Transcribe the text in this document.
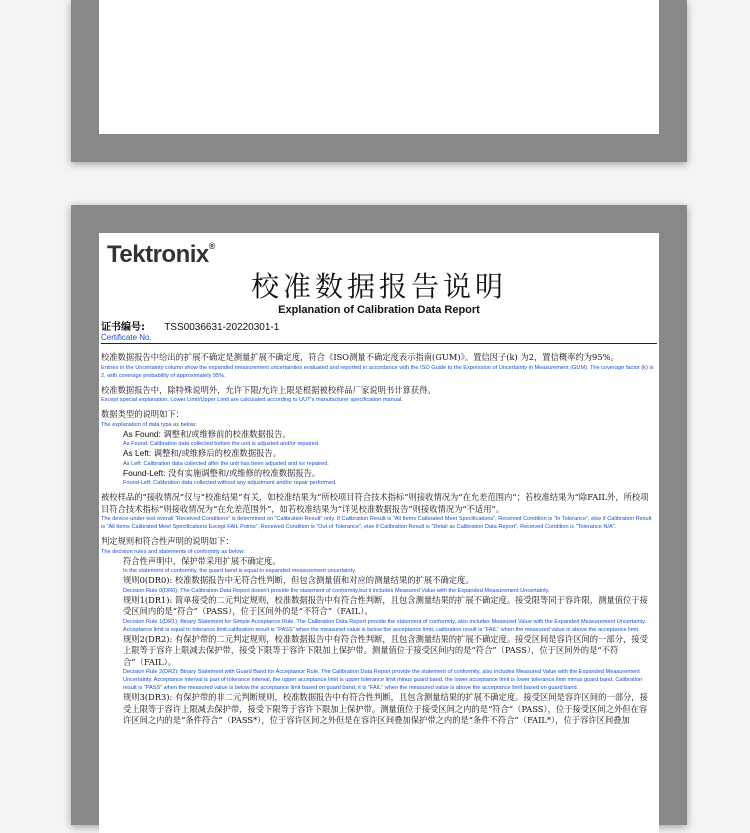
Tektronix®
校准数据报告说明
Explanation of Calibration Data Report
证书编号: TSS0036631-20220301-1
Certificate No.
校准数据报告中给出的扩展不确定是测量扩展不确定度，符合《ISO测量不确定度表示指南(GUM)》。置信因子(k) 为2，置信概率约为95%。
Entries in the Uncertainty column show the expanded measurement uncertainties evaluated and reported in accordance with the ISO Guide to the Expression of Uncertainty in Measurement (GUM). The coverage factor (k) is 2, with coverage probability of approximately 95%.
校准数据报告中，除特殊说明外，允许下限/允许上限是根据被校样品厂家说明书计算获得。
Except special explanation, Lower Limit/Upper Limit are calculated according to UUT's manufacturer specification manual.
数据类型的说明如下：
The explanation of data type as below:
As Found: 调整和/或维修前的校准数据报告。
As Found: Calibration data collected before the unit is adjusted and/or repaired.
As Left: 调整和/或维修后的校准数据报告。
As Left: Calibration data collected after the unit has been adjusted and /or repaired.
Found-Left: 没有实施调整和/或维修的校准数据报告。
Found-Left: Calibration data collected without any adjustment and/or repair performed.
被校样品的“接收情况”仅与“校准结果”有关，如校准结果为“所校项目符合技术指标”则接收情况为“在允差范围内”；若校准结果为“除FAIL外，所校项目符合技术指标”则接收情况为“在允差范围外”，如若校准结果为“详见校准数据报告”则接收情况为“不适用”。
The device-under-test overall “Received Conditions” is determined on “Calibration Result” only. If Calibration Result is “All Items Calibrated Meet Specifications”, Received Condition is “In Tolerance”, else if Calibration Result is “All Items Calibrated Meet Specifications Except FAIL Points”, Received Condition is “Out of Tolerance”, else if Calibration Result is “Detail as Calibration Data Report”, Received Condition is “Tolerance N/A”.
判定规则和符合性声明的说明如下：
The decision rules and statements of conformity as below:
符合性声明中，保护带采用扩展不确定度。
In the statement of conformity, the guard band is equal to expanded measurement uncertainty.
规则0(DR0): 校准数据报告中无符合性判断，但包含测量值和对应的测量结果的扩展不确定度。
Decision Rule 0(DR0): The Calibration Data Report doesn't provide the statement of conformity,but it includes Measured Value with the Expanded Measurement Uncertainty.
规则1(DR1): 简单接受的二元判定规则，校准数据报告中有符合性判断，且包含测量结果的扩展不确定度。接受限等同于容许限，测量值位于接受区间内的是“符合”（PASS），位于区间外的是“不符合”（FAIL）。
Decision Rule 1(DR1): Binary Statement for Simple Acceptance Rule. The Calibration Data Report provide the statement of conformity, also includes Measured Value with the Expanded Measurement Uncertainty. Acceptance limit is equal to tolerance limit,calibration result is “PASS” when the measured value is below the acceptance limit, calibration result is “FAIL” when the measured value is above the acceptance limit.
规则2(DR2): 有保护带的二元判定规则，校准数据报告中有符合性判断，且包含测量结果的扩展不确定度。接受区间是容许区间的一部分，接受上限等于容许上限减去保护带，接受下限等于容许下限加上保护带。测量值位于接受区间内的是“符合”（PASS），位于区间外的是“不符合”（FAIL）。
Decision Rule 2(DR2): Binary Statement with Guard Band for Acceptance Rule. The Calibration Data Report provide the statement of conformity, also includes Measured Value with the Expanded Measurement Uncertainty. Acceptance interval is part of tolerance interval, the upper acceptance limit is upper tolerance limit minus guard band, the lower acceptance limit is lower tolerance limit minus guard band. Calibration result is “PASS” when the measured value is below the acceptance limit based on guard band, it is “FAIL” when the measured value is above the acceptance limit based on guard band.
规则3(DR3): 有保护带的非二元判断规则，校准数据报告中有符合性判断，且包含测量结果的扩展不确定度。接受区间是容许区间的一部分，接受上限等于容许上限减去保护带，接受下限等于容许下限加上保护带。测量值位于接受区间之内的是“符合”（PASS），位于接受区间之外但在容许区间之内的是“条件符合”（PASS*），位于容许区间之外但是在容许区间叠加保护带之内的是“条件不符合”（FAIL*），位于容许区间叠加
